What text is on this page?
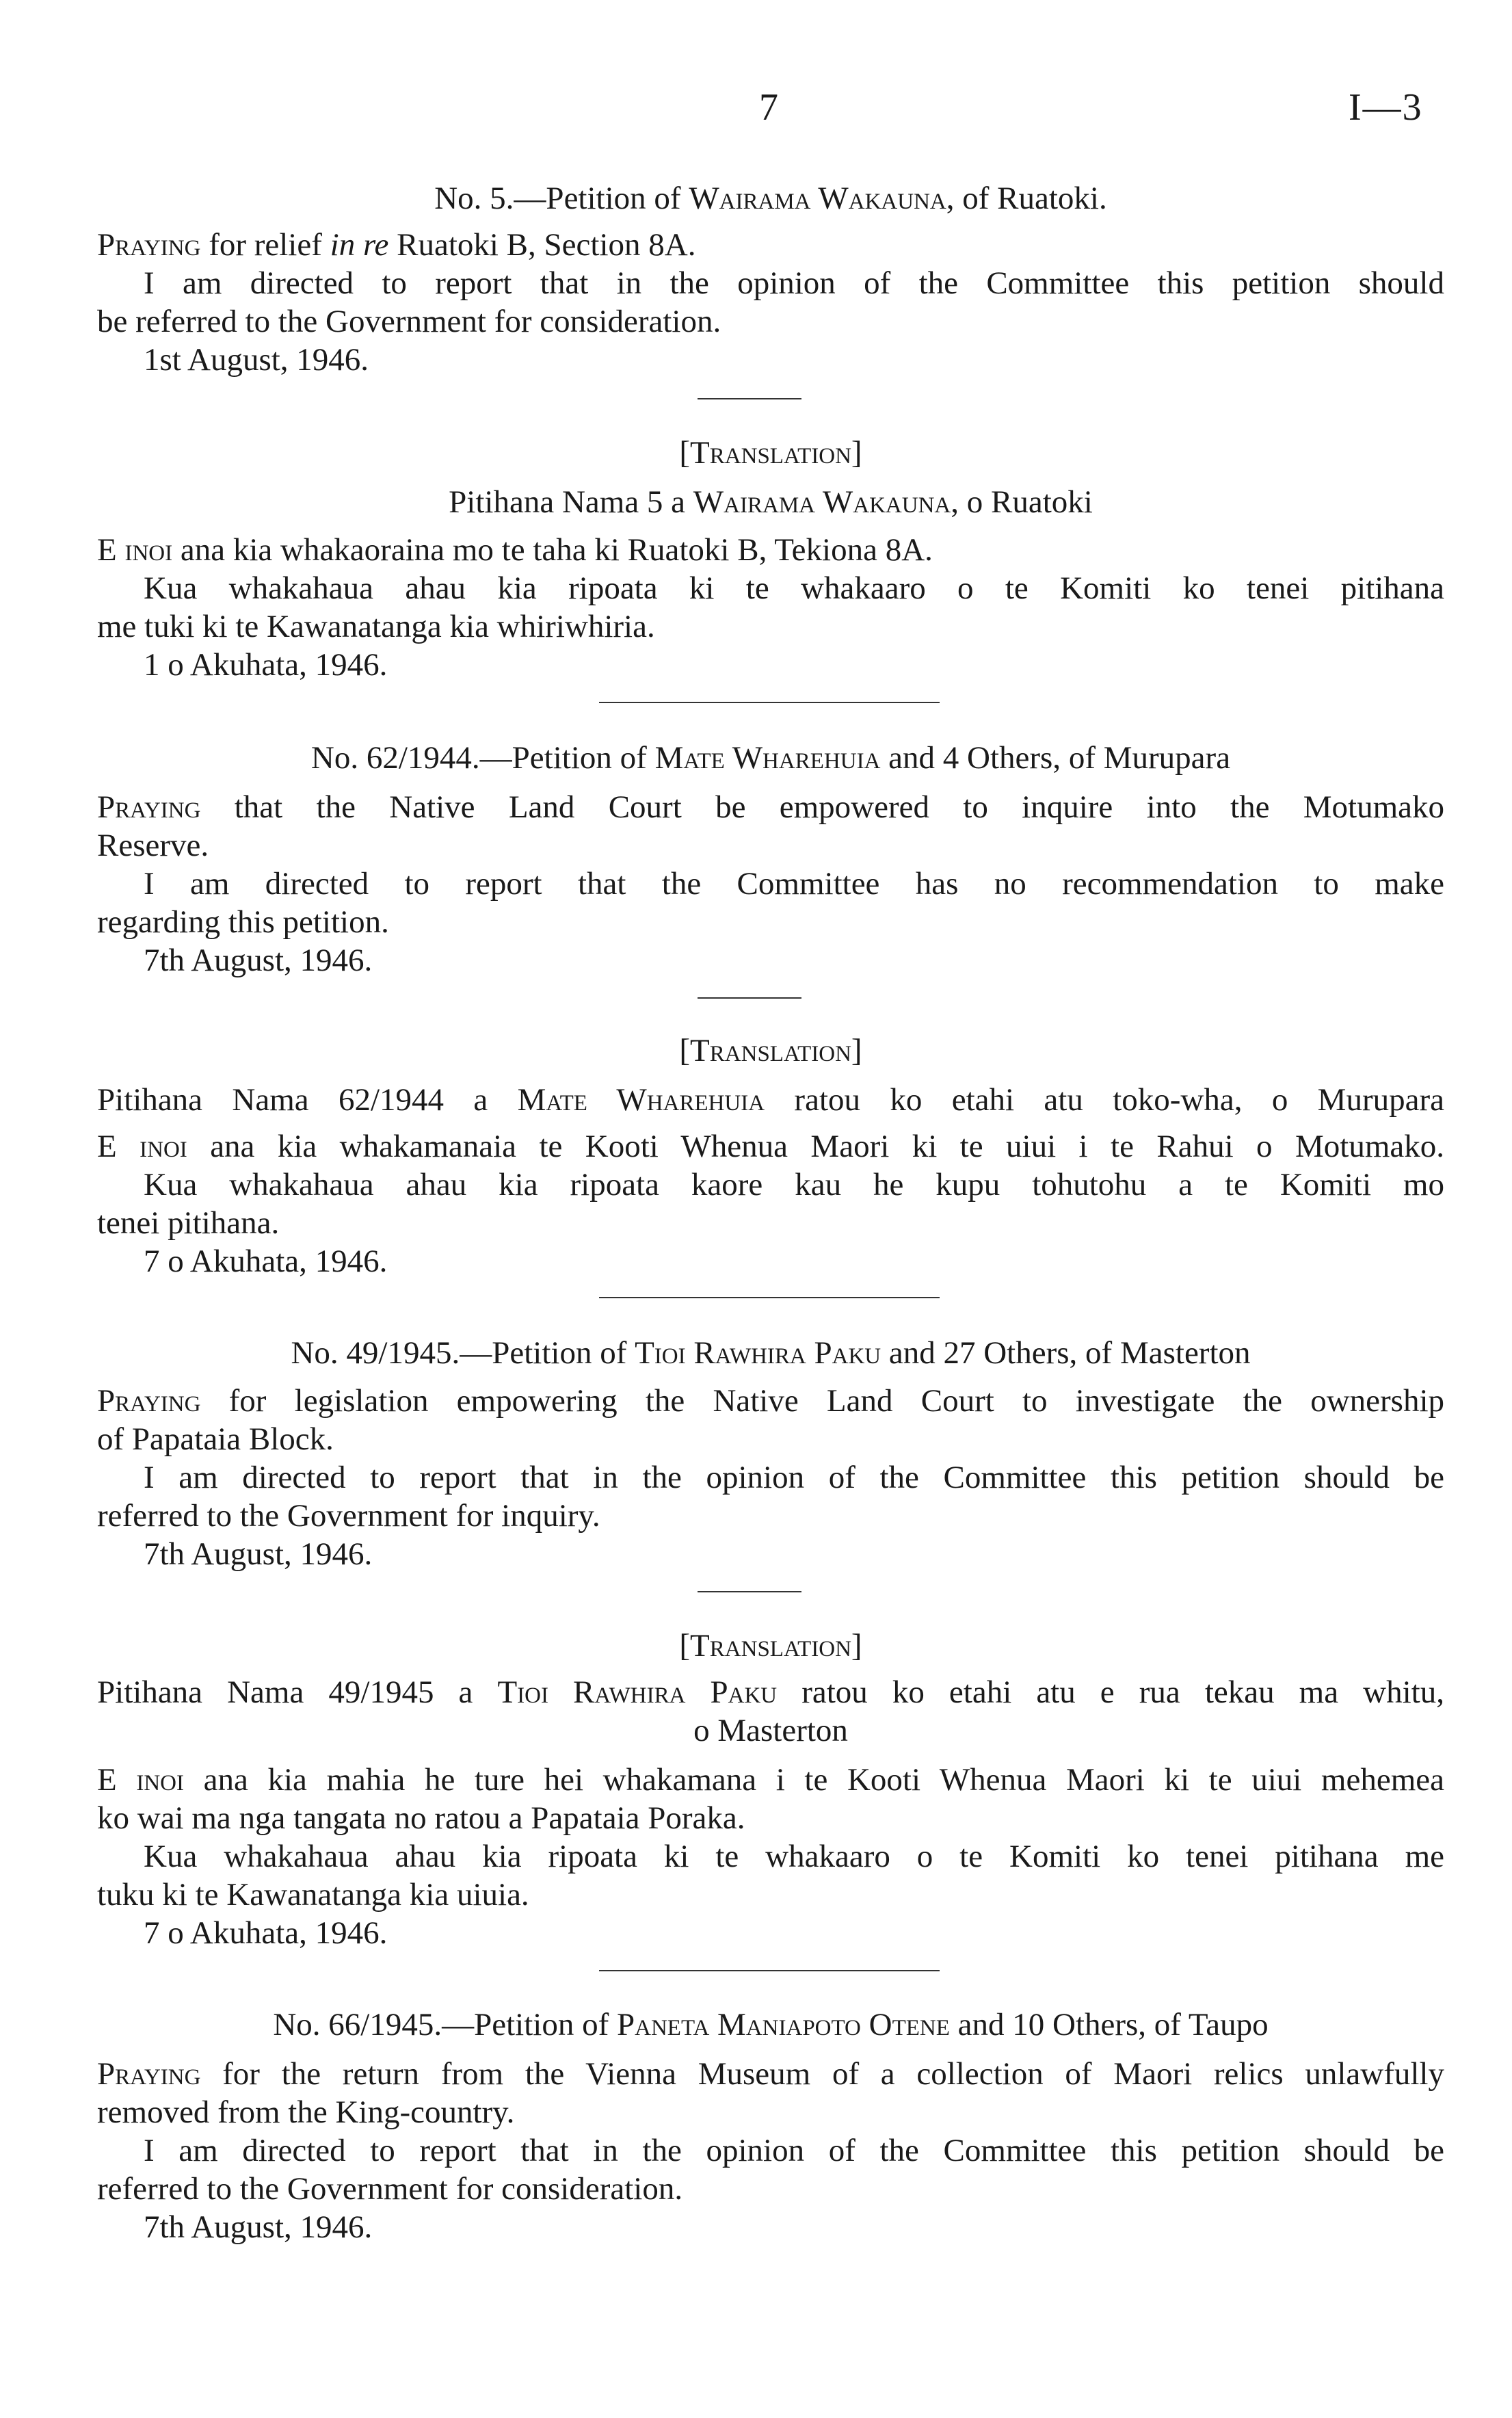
7	I—3
No. 5.—Petition of Wairama Wakauna, of Ruatoki.
Praying for relief in re Ruatoki B, Section 8A.
I am directed to report that in the opinion of the Committee this petition should
be referred to the Government for consideration.
1st August, 1946.
[Translation]
Pitihana Nama 5 a Wairama Wakauna, o Ruatoki
E inoi ana kia whakaoraina mo te taha ki Ruatoki B, Tekiona 8A.
Kua whakahaua ahau kia ripoata ki te whakaaro o te Komiti ko tenei pitihana
me tuki ki te Kawanatanga kia whiriwhiria.
1 o Akuhata, 1946.
No. 62/1944.—Petition of Mate Wharehuia and 4 Others, of Murupara
Praying that the Native Land Court be empowered to inquire into the Motumako
Reserve.
I am directed to report that the Committee has no recommendation to make
regarding this petition.
7th August, 1946.
[Translation]
Pitihana Nama 62/1944 a Mate Wharehuia ratou ko etahi atu toko-wha, o Murupara
E inoi ana kia whakamanaia te Kooti Whenua Maori ki te uiui i te Rahui o Motumako.
Kua whakahaua ahau kia ripoata kaore kau he kupu tohutohu a te Komiti mo
tenei pitihana.
7 o Akuhata, 1946.
No. 49/1945.—Petition of Tioi Rawhira Paku and 27 Others, of Masterton
Praying for legislation empowering the Native Land Court to investigate the ownership
of Papataia Block.
I am directed to report that in the opinion of the Committee this petition should be
referred to the Government for inquiry.
7th August, 1946.
[Translation]
Pitihana Nama 49/1945 a Tioi Rawhira Paku ratou ko etahi atu e rua tekau ma whitu,
o Masterton
E inoi ana kia mahia he ture hei whakamana i te Kooti Whenua Maori ki te uiui mehemea
ko wai ma nga tangata no ratou a Papataia Poraka.
Kua whakahaua ahau kia ripoata ki te whakaaro o te Komiti ko tenei pitihana me
tuku ki te Kawanatanga kia uiuia.
7 o Akuhata, 1946.
No. 66/1945.—Petition of Paneta Maniapoto Otene and 10 Others, of Taupo
Praying for the return from the Vienna Museum of a collection of Maori relics unlawfully
removed from the King-country.
I am directed to report that in the opinion of the Committee this petition should be
referred to the Government for consideration.
7th August, 1946.
